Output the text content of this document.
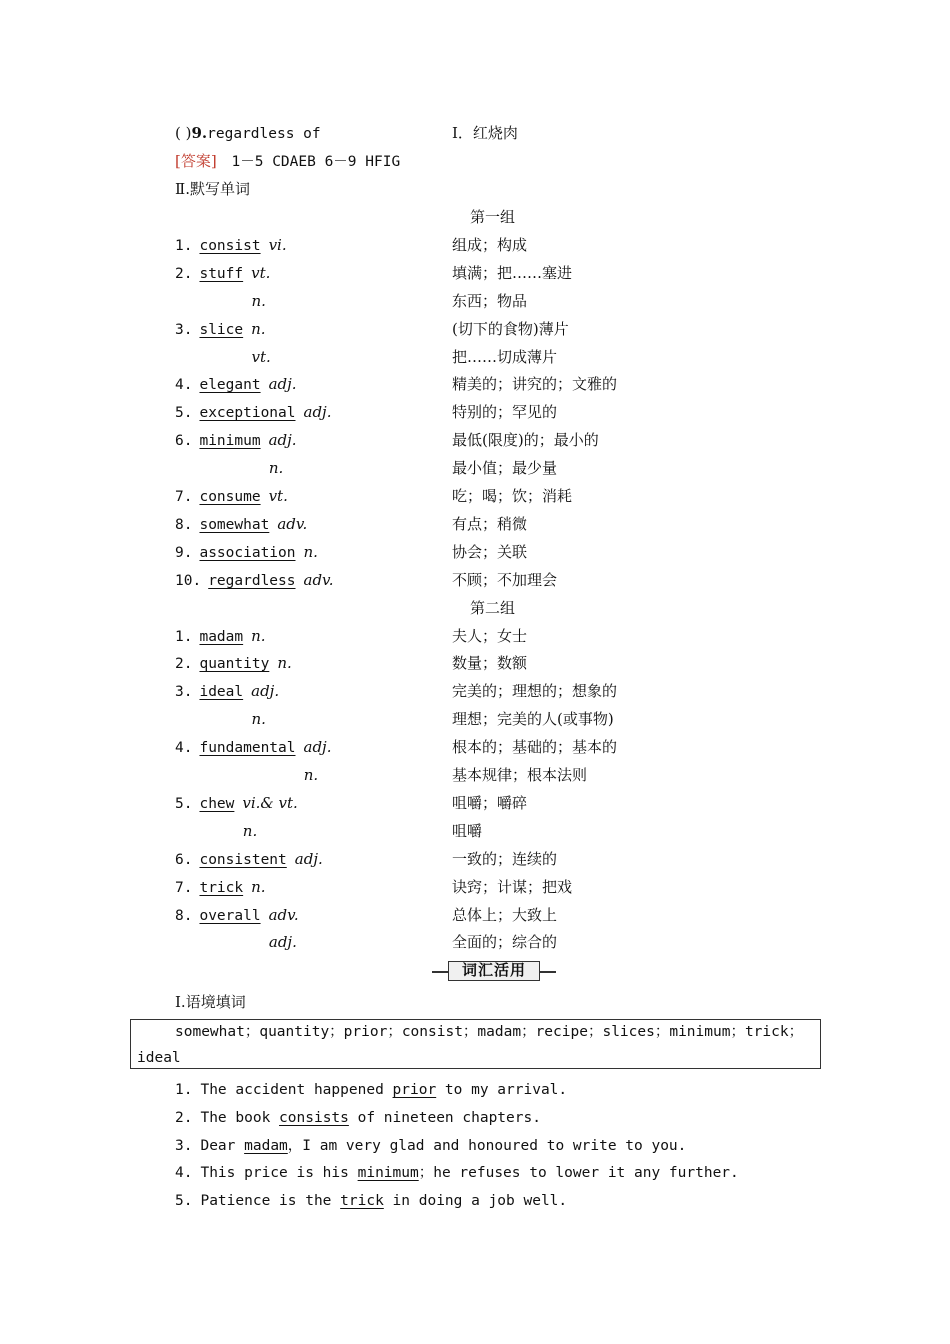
( )9.regardless of	I．红烧肉
[答案] 1－5 CDAEB 6－9 HFIG
Ⅱ.默写单词
第一组
1. consist vi.	组成；构成
2. stuff vt.	填满；把……塞进
n.	东西；物品
3. slice n.	(切下的食物)薄片
vt.	把……切成薄片
4. elegant adj.	精美的；讲究的；文雅的
5. exceptional adj.	特别的；罕见的
6. minimum adj.	最低(限度)的；最小的
n.	最小值；最少量
7. consume vt.	吃；喝；饮；消耗
8. somewhat adv.	有点；稍微
9. association n.	协会；关联
10. regardless adv.	不顾；不加理会
第二组
1. madam n.	夫人；女士
2. quantity n.	数量；数额
3. ideal adj.	完美的；理想的；想象的
n.	理想；完美的人(或事物)
4. fundamental adj.	根本的；基础的；基本的
n.	基本规律；根本法则
5. chew vi.& vt.	咀嚼；嚼碎
n.	咀嚼
6. consistent adj.	一致的；连续的
7. trick n.	诀窍；计谋；把戏
8. overall adv.	总体上；大致上
adj.	全面的；综合的
词汇活用
Ⅰ.语境填词
somewhat；quantity；prior；consist；madam；recipe；slices；minimum；trick；
ideal
1. The accident happened prior to my arrival.
2. The book consists of nineteen chapters.
3. Dear madam，I am very glad and honoured to write to you.
4. This price is his minimum；he refuses to lower it any further.
5. Patience is the trick in doing a job well.
